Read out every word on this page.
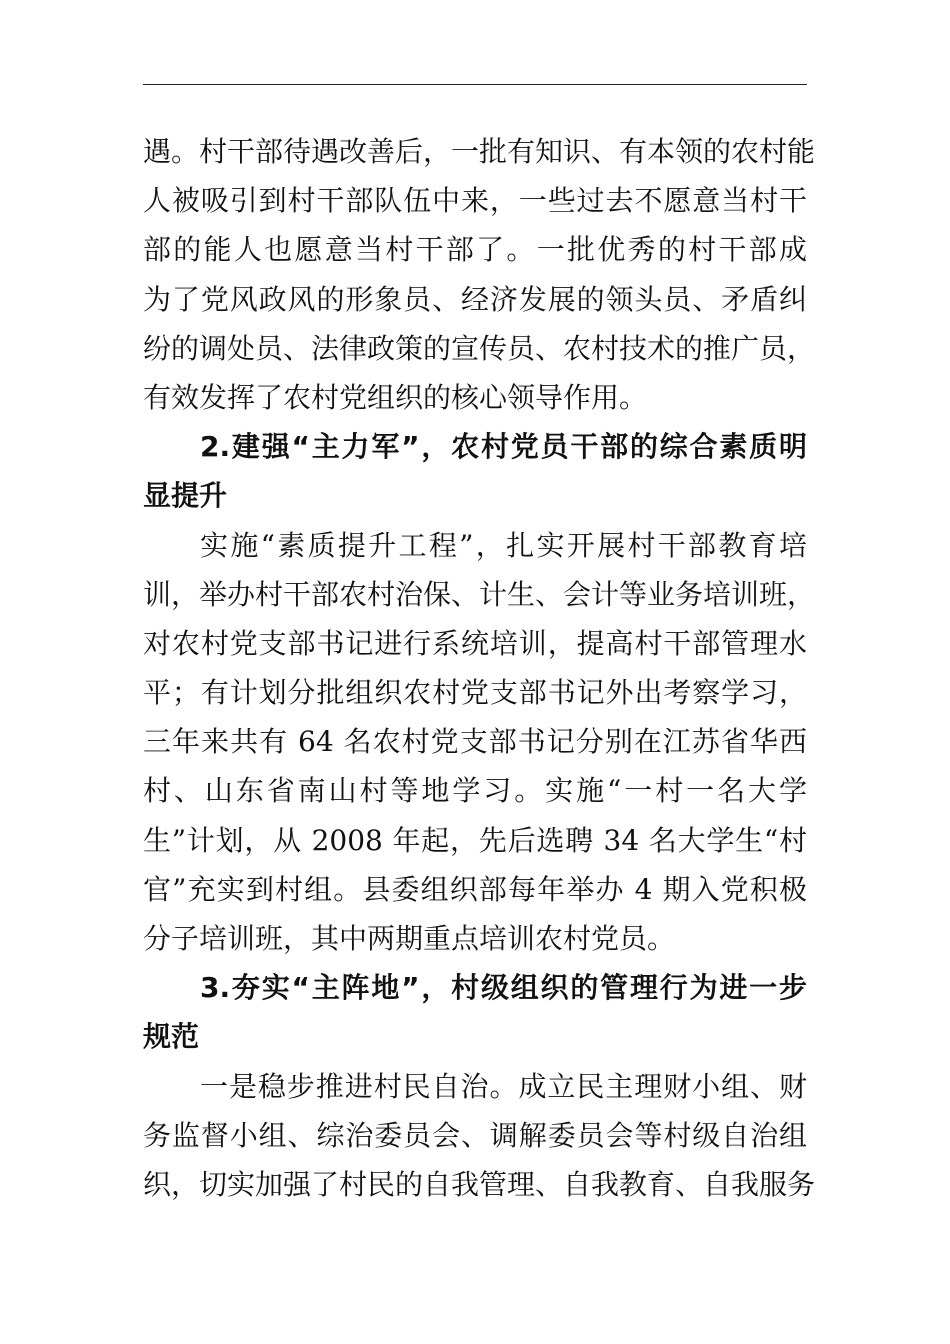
遇。村干部待遇改善后，一批有知识、有本领的农村能
人被吸引到村干部队伍中来，一些过去不愿意当村干
部的能人也愿意当村干部了。一批优秀的村干部成
为了党风政风的形象员、经济发展的领头员、矛盾纠
纷的调处员、法律政策的宣传员、农村技术的推广员，
有效发挥了农村党组织的核心领导作用。
2.建强“主力军”，农村党员干部的综合素质明
显提升
实施“素质提升工程”，扎实开展村干部教育培
训，举办村干部农村治保、计生、会计等业务培训班，
对农村党支部书记进行系统培训，提高村干部管理水
平；有计划分批组织农村党支部书记外出考察学习，
三年来共有 64 名农村党支部书记分别在江苏省华西
村、山东省南山村等地学习。实施“一村一名大学
生”计划，从 2008 年起，先后选聘 34 名大学生“村
官”充实到村组。县委组织部每年举办 4 期入党积极
分子培训班，其中两期重点培训农村党员。
3.夯实“主阵地”，村级组织的管理行为进一步
规范
一是稳步推进村民自治。成立民主理财小组、财
务监督小组、综治委员会、调解委员会等村级自治组
织，切实加强了村民的自我管理、自我教育、自我服务
